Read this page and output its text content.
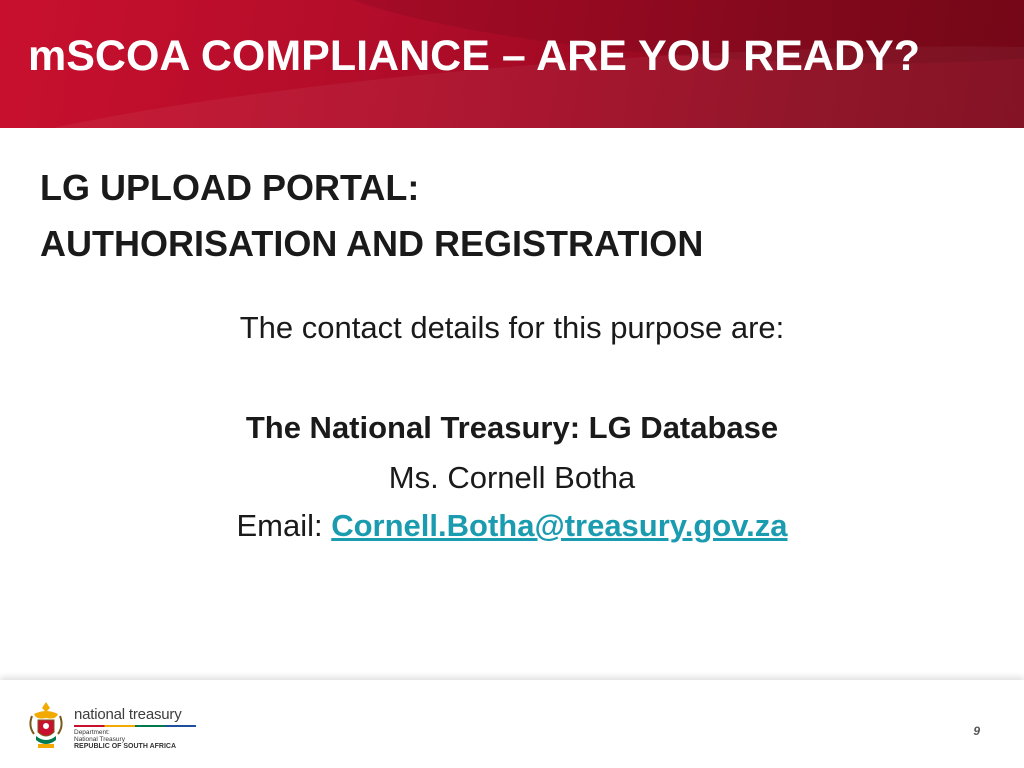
mSCOA COMPLIANCE – ARE YOU READY?
LG UPLOAD PORTAL:
AUTHORISATION AND REGISTRATION
The contact details for this purpose are:
The National Treasury: LG Database
Ms. Cornell Botha
Email: Cornell.Botha@treasury.gov.za
national treasury
Department:
National Treasury
REPUBLIC OF SOUTH AFRICA
9
